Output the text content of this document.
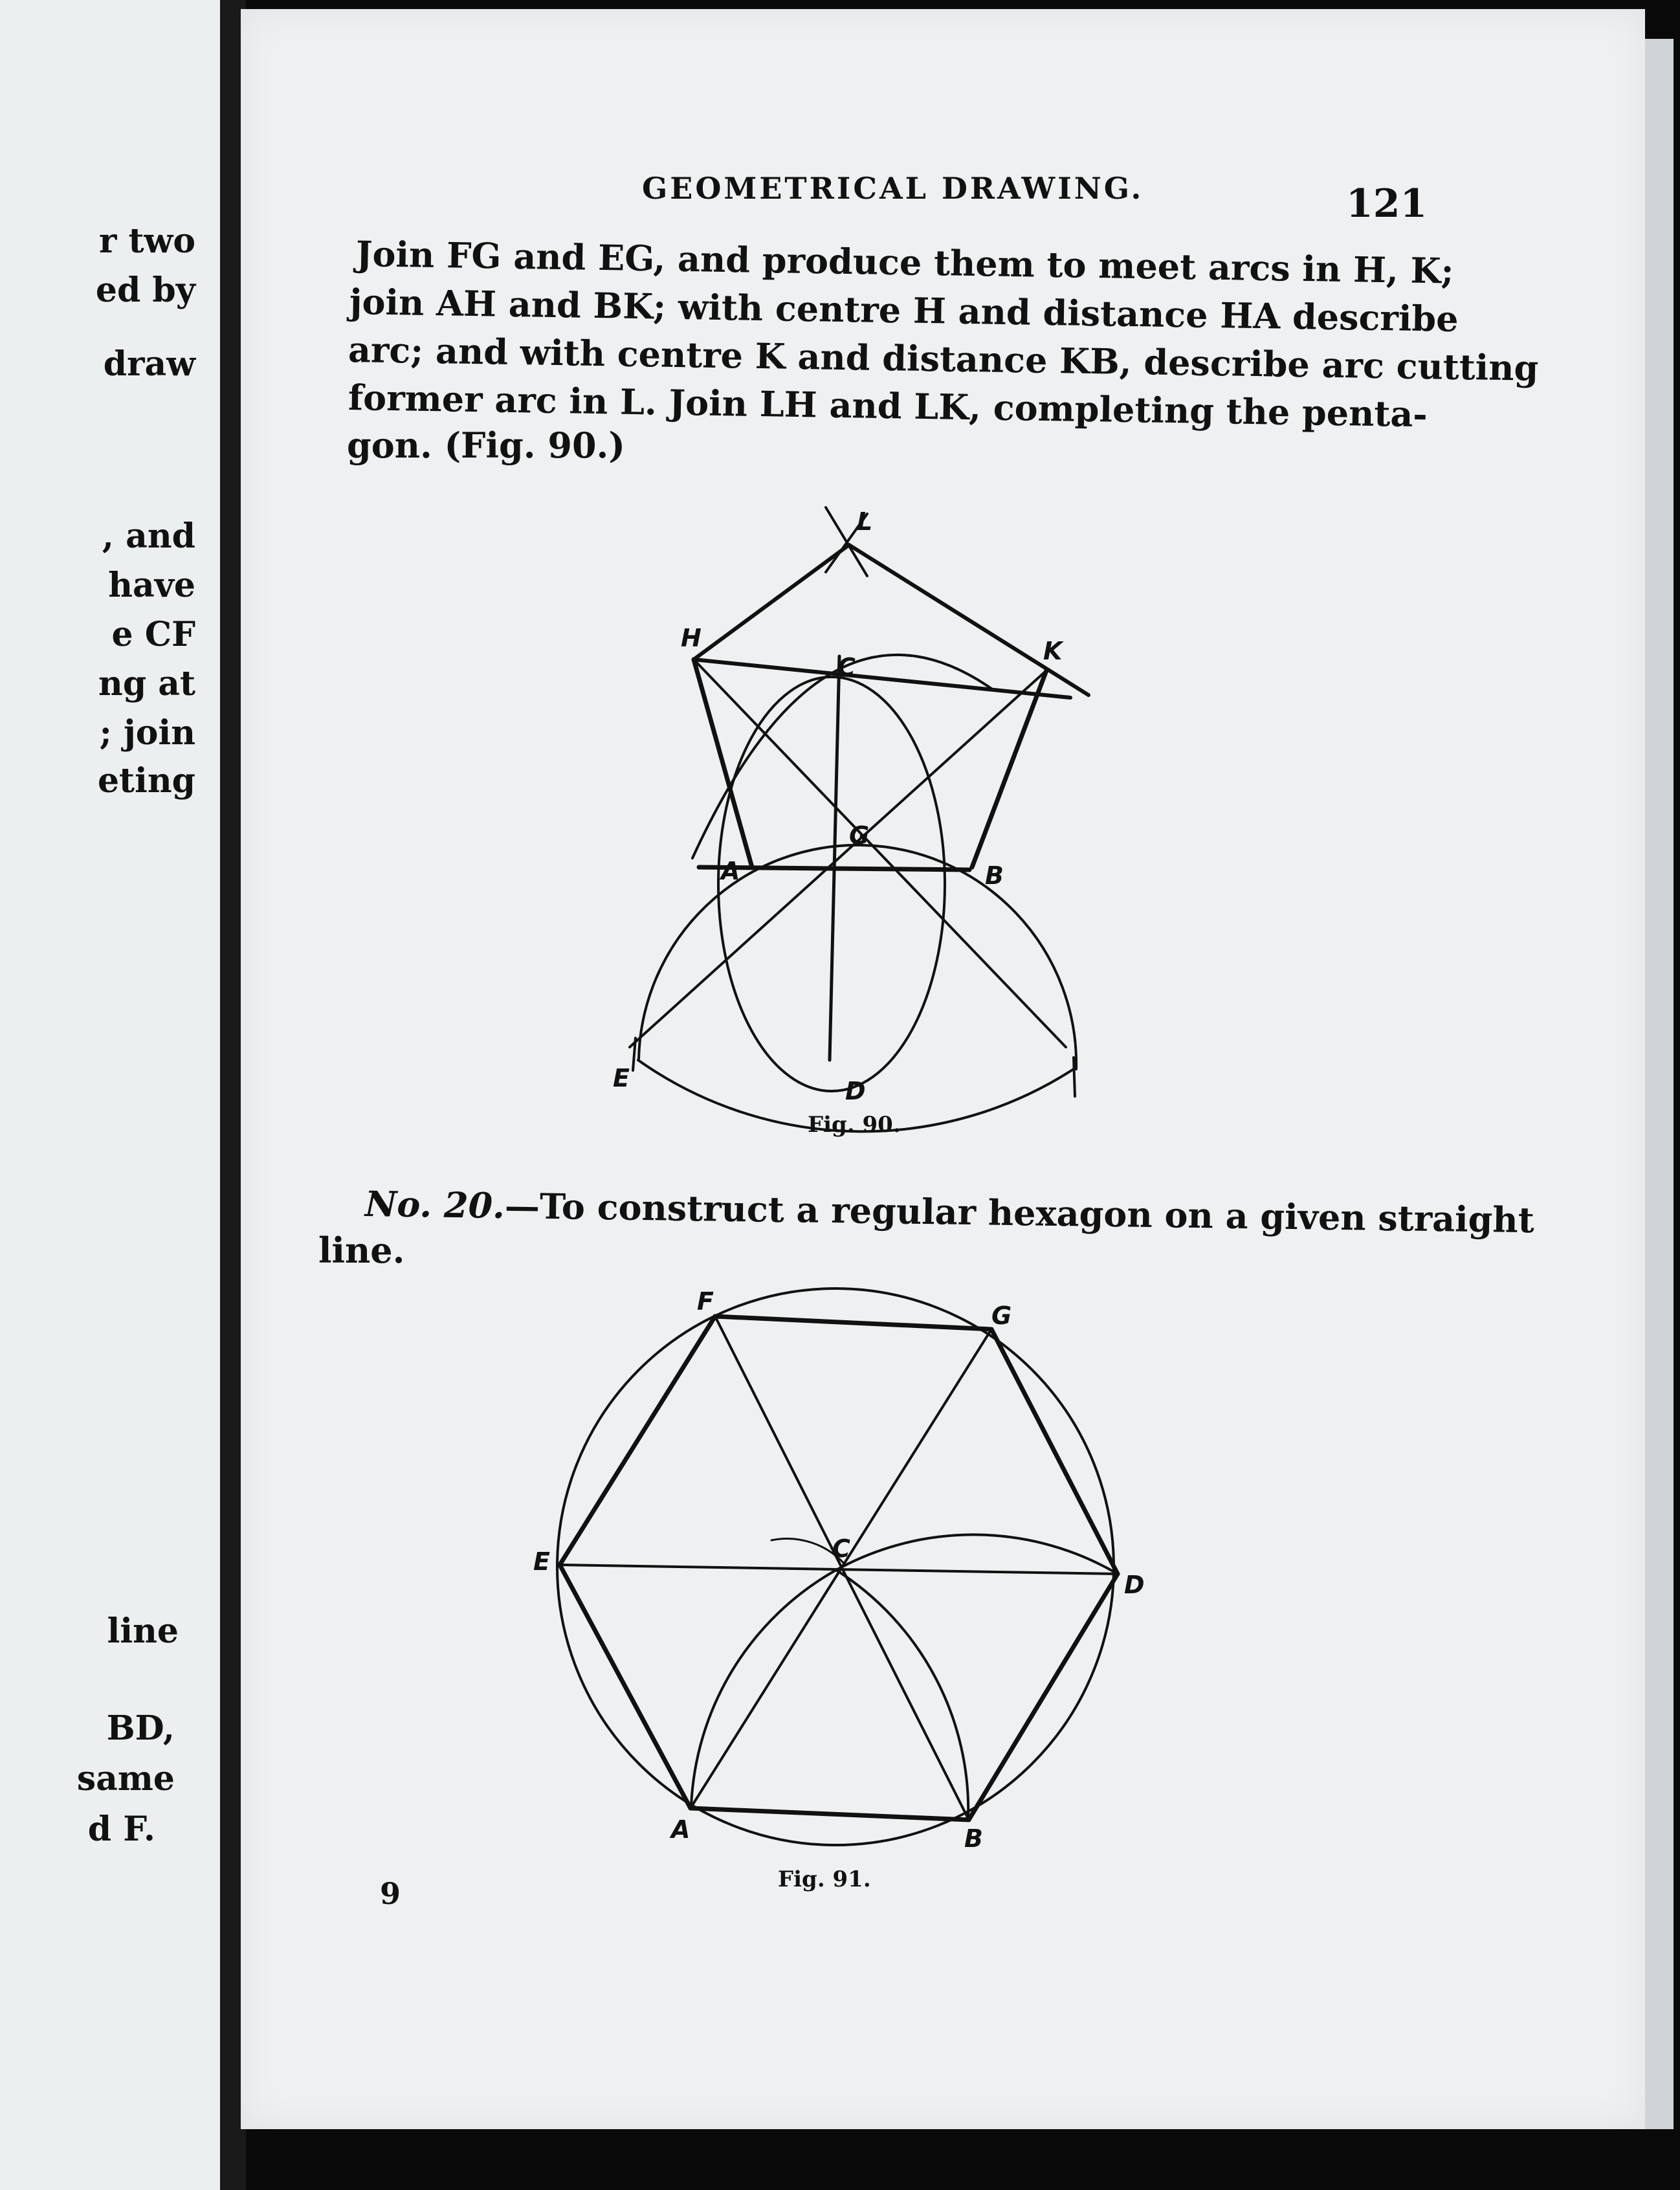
r two
ed by
draw
, and
have
e CF
ng at
; join
eting
line
BD,
same
d F.
GEOMETRICAL DRAWING.	121
Join FG and EG, and produce them to meet arcs in H, K;
join AH and BK; with centre H and distance HA describe
arc; and with centre K and distance KB, describe arc cutting
former arc in L. Join LH and LK, completing the penta-
gon. (Fig. 90.)
L
H	K
C
G
A	B
E	D
F	G
E	C
D
A	B
Fig. 90.
No. 20.—To construct a regular hexagon on a given straight
line.
Fig. 91.
9
